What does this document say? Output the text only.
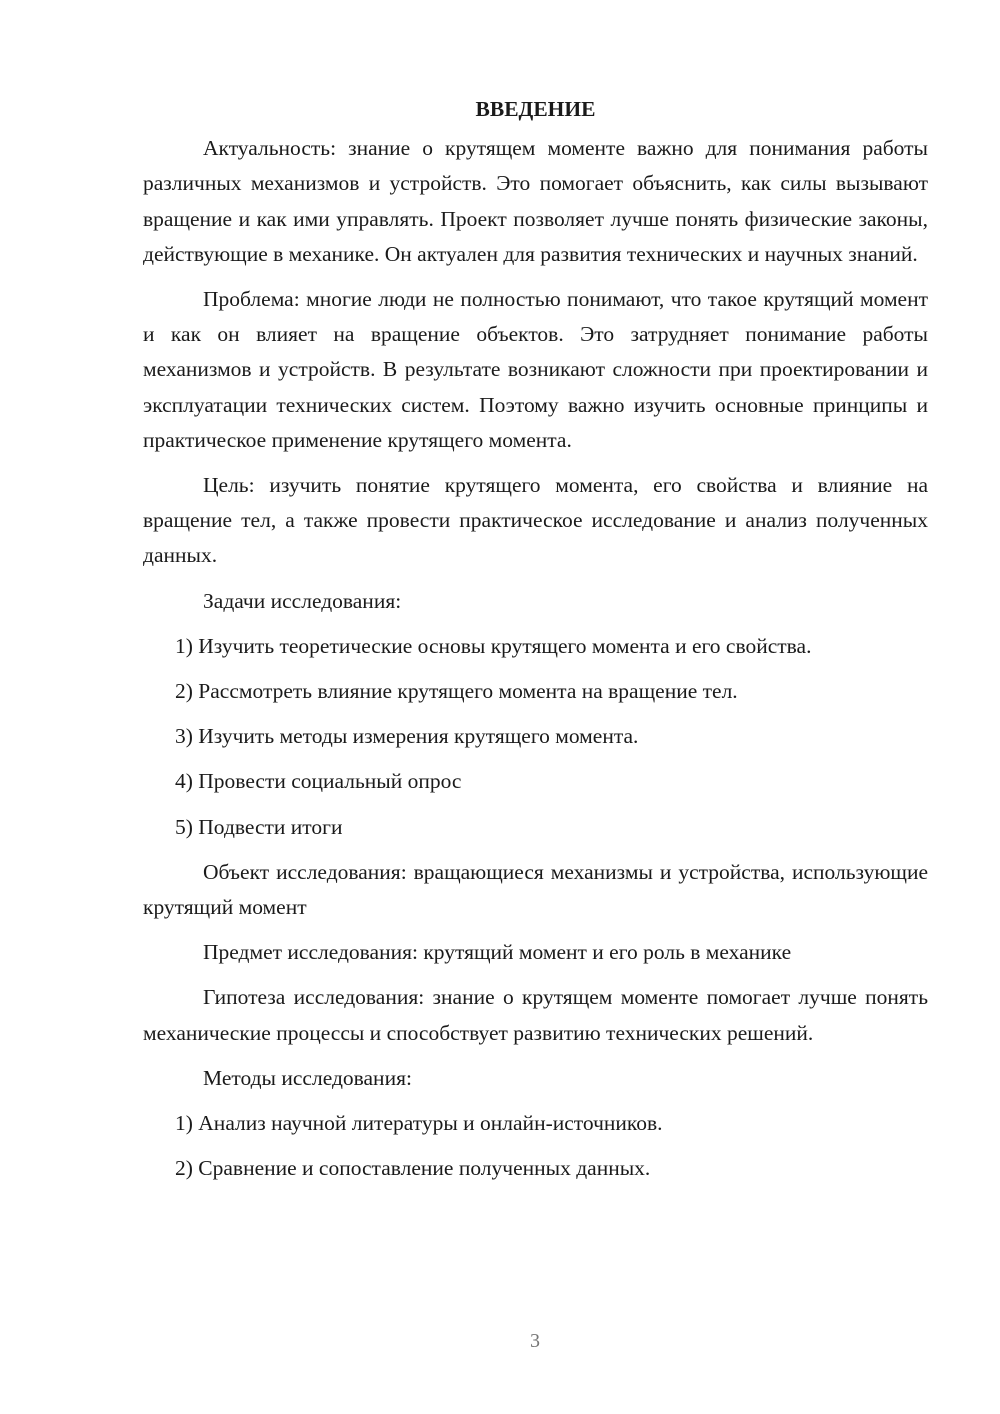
ВВЕДЕНИЕ

Актуальность: знание о крутящем моменте важно для понимания работы различных механизмов и устройств. Это помогает объяснить, как силы вызывают вращение и как ими управлять. Проект позволяет лучше понять физические законы, действующие в механике. Он актуален для развития технических и научных знаний.

Проблема: многие люди не полностью понимают, что такое крутящий момент и как он влияет на вращение объектов. Это затрудняет понимание работы механизмов и устройств. В результате возникают сложности при проектировании и эксплуатации технических систем. Поэтому важно изучить основные принципы и практическое применение крутящего момента.

Цель: изучить понятие крутящего момента, его свойства и влияние на вращение тел, а также провести практическое исследование и анализ полученных данных.

Задачи исследования:
1) Изучить теоретические основы крутящего момента и его свойства.
2) Рассмотреть влияние крутящего момента на вращение тел.
3) Изучить методы измерения крутящего момента.
4) Провести социальный опрос
5) Подвести итоги

Объект исследования: вращающиеся механизмы и устройства, использующие крутящий момент

Предмет исследования: крутящий момент и его роль в механике

Гипотеза исследования: знание о крутящем моменте помогает лучше понять механические процессы и способствует развитию технических решений.

Методы исследования:
1) Анализ научной литературы и онлайн-источников.
2) Сравнение и сопоставление полученных данных.
3
